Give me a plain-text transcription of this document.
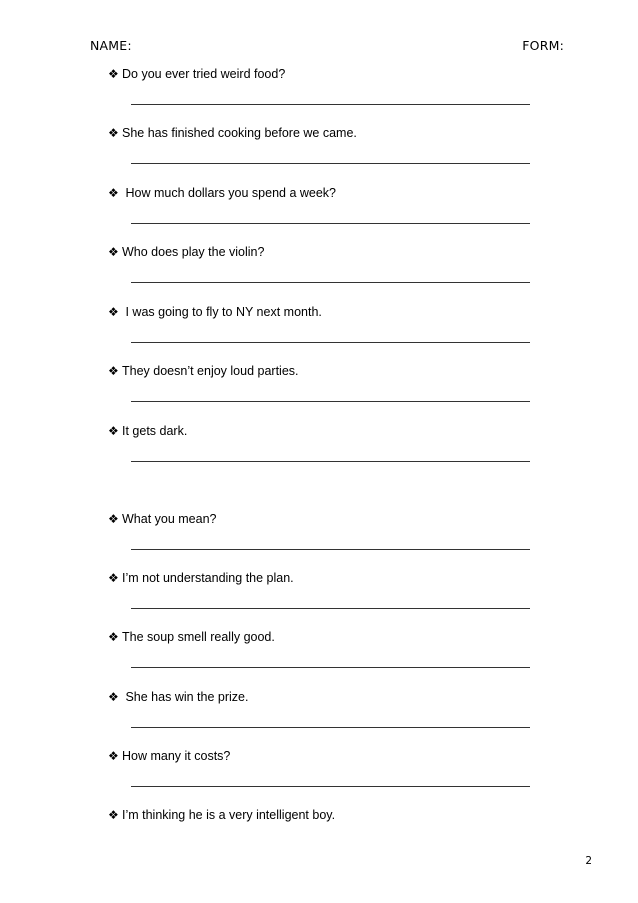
NAME:	FORM:
❖ Do you ever tried weird food?
❖ She has finished cooking before we came.
❖ How much dollars you spend a week?
❖ Who does play the violin?
❖ I was going to fly to NY next month.
❖ They doesn’t enjoy loud parties.
❖ It gets dark.
❖ What you mean?
❖ I’m not understanding the plan.
❖ The soup smell really good.
❖ She has win the prize.
❖ How many it costs?
❖ I’m thinking he is a very intelligent boy.
2
